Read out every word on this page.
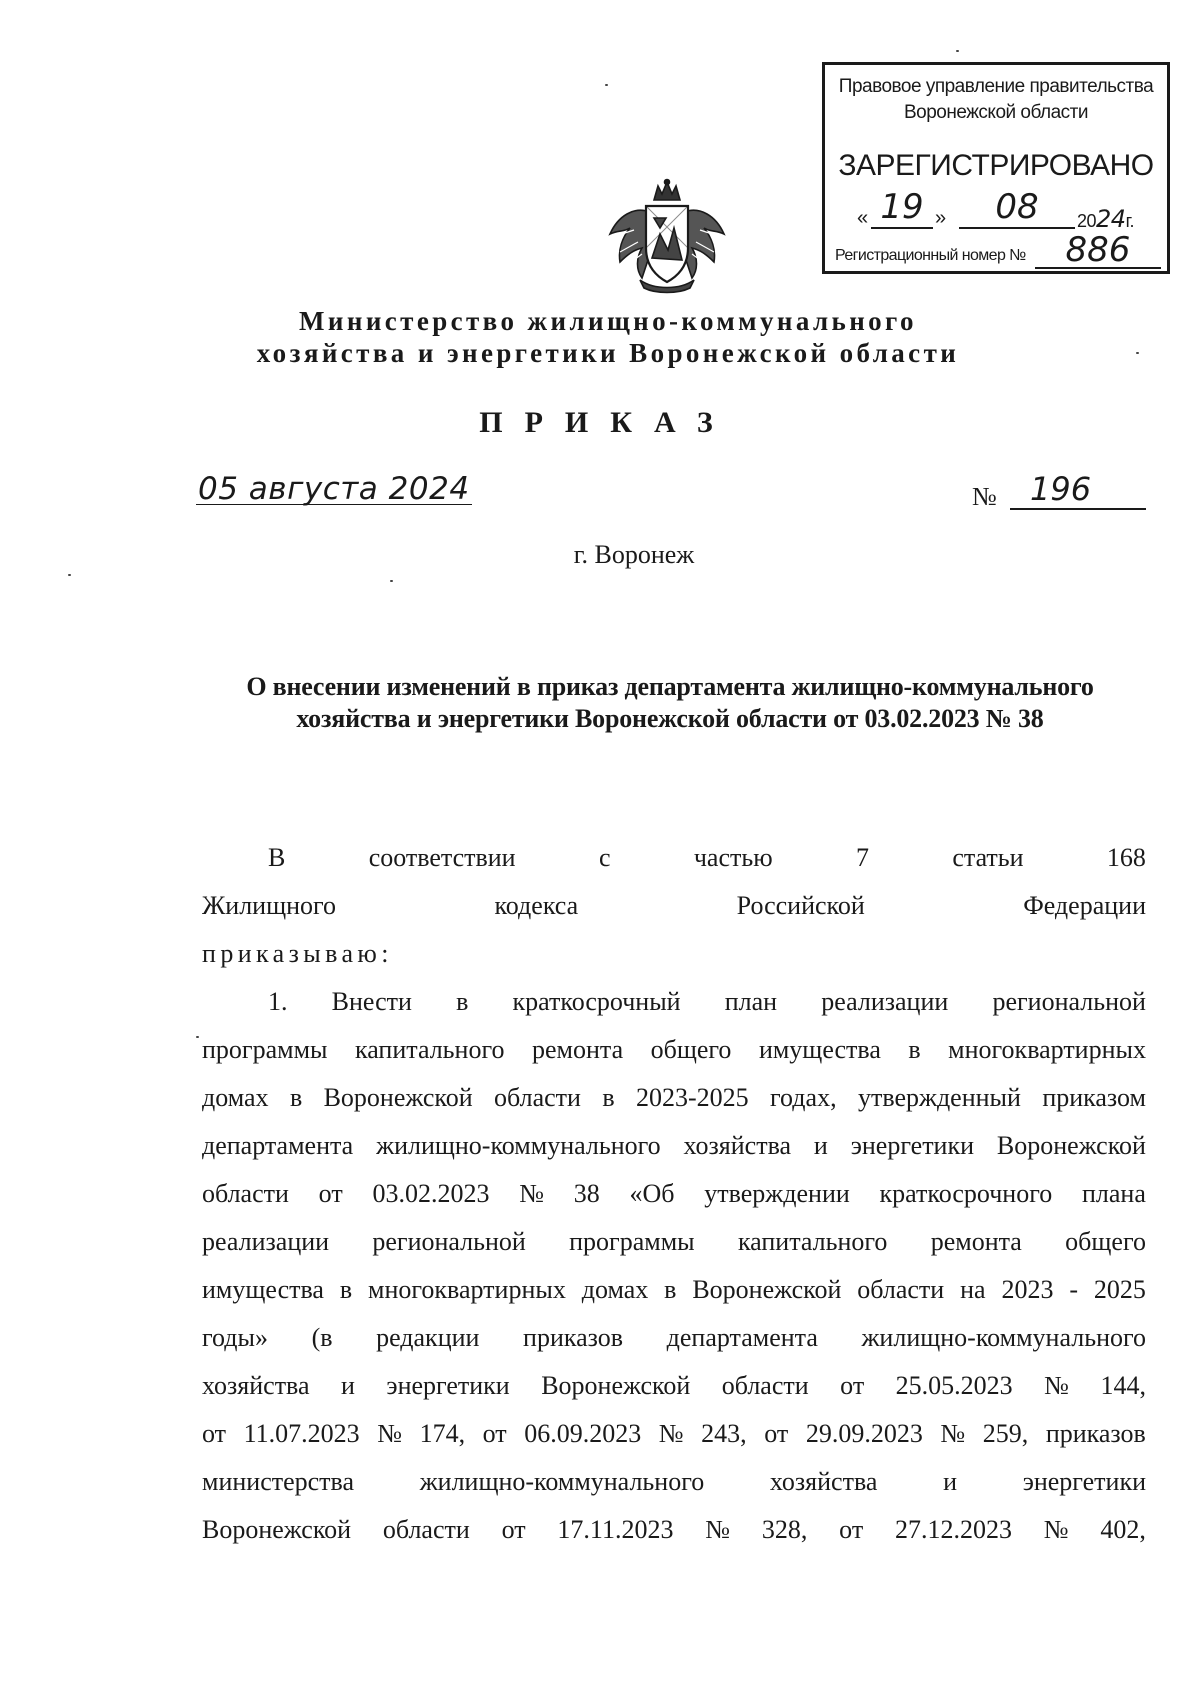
Правовое управление правительства
Воронежской области
ЗАРЕГИСТРИРОВАНО
« 19 »	08	2024г.
Регистрационный номер №	886
Министерство жилищно-коммунального
хозяйства и энергетики Воронежской области
ПРИКАЗ
05 августа 2024	№	196
г. Воронеж
О внесении изменений в приказ департамента жилищно-коммунального
хозяйства и энергетики Воронежской области от 03.02.2023 № 38
В	соответствии	с	частью	7	статьи	168
Жилищного	кодекса	Российской	Федерации
приказываю:
1. Внести в краткосрочный план реализации региональной
программы капитального ремонта общего имущества в многоквартирных
домах в Воронежской области в 2023-2025 годах, утвержденный приказом
департамента жилищно-коммунального хозяйства и энергетики Воронежской
области от 03.02.2023 № 38 «Об утверждении краткосрочного плана
реализации региональной программы капитального ремонта общего
имущества в многоквартирных домах в Воронежской области на 2023 - 2025
годы» (в редакции приказов департамента жилищно-коммунального
хозяйства и энергетики Воронежской области от 25.05.2023 № 144,
от 11.07.2023 № 174, от 06.09.2023 № 243, от 29.09.2023 № 259, приказов
министерства	жилищно-коммунального	хозяйства	и	энергетики
Воронежской области от 17.11.2023 № 328, от 27.12.2023 № 402,
